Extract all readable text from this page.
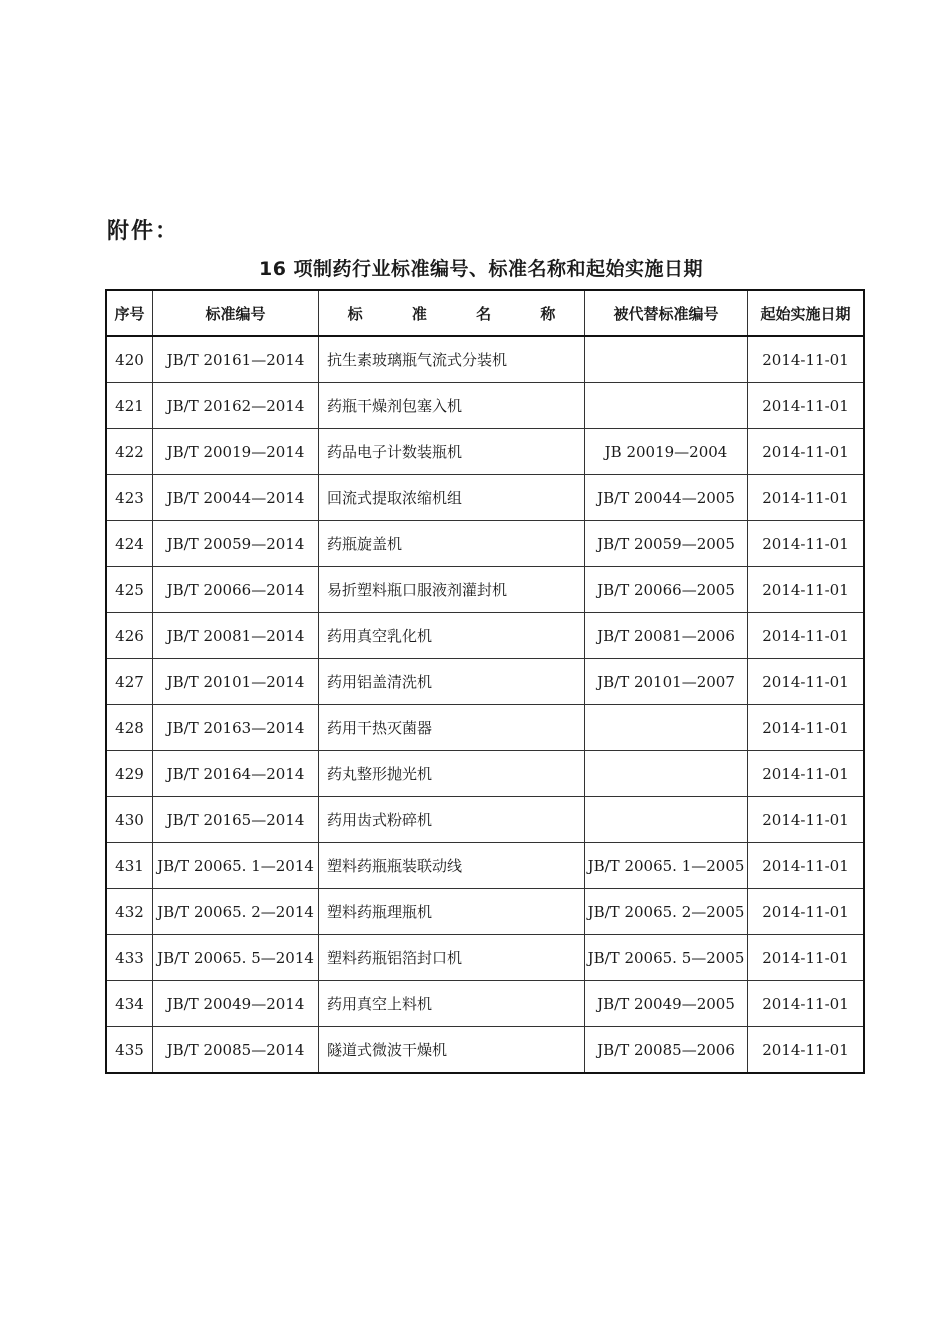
附件：
16 项制药行业标准编号、标准名称和起始实施日期
序号	标准编号	标 准 名 称	被代替标准编号	起始实施日期
420	JB/T 20161—2014	抗生素玻璃瓶气流式分装机		2014-11-01
421	JB/T 20162—2014	药瓶干燥剂包塞入机		2014-11-01
422	JB/T 20019—2014	药品电子计数装瓶机	JB 20019—2004	2014-11-01
423	JB/T 20044—2014	回流式提取浓缩机组	JB/T 20044—2005	2014-11-01
424	JB/T 20059—2014	药瓶旋盖机	JB/T 20059—2005	2014-11-01
425	JB/T 20066—2014	易折塑料瓶口服液剂灌封机	JB/T 20066—2005	2014-11-01
426	JB/T 20081—2014	药用真空乳化机	JB/T 20081—2006	2014-11-01
427	JB/T 20101—2014	药用铝盖清洗机	JB/T 20101—2007	2014-11-01
428	JB/T 20163—2014	药用干热灭菌器		2014-11-01
429	JB/T 20164—2014	药丸整形抛光机		2014-11-01
430	JB/T 20165—2014	药用齿式粉碎机		2014-11-01
431	JB/T 20065. 1—2014	塑料药瓶瓶装联动线	JB/T 20065. 1—2005	2014-11-01
432	JB/T 20065. 2—2014	塑料药瓶理瓶机	JB/T 20065. 2—2005	2014-11-01
433	JB/T 20065. 5—2014	塑料药瓶铝箔封口机	JB/T 20065. 5—2005	2014-11-01
434	JB/T 20049—2014	药用真空上料机	JB/T 20049—2005	2014-11-01
435	JB/T 20085—2014	隧道式微波干燥机	JB/T 20085—2006	2014-11-01
